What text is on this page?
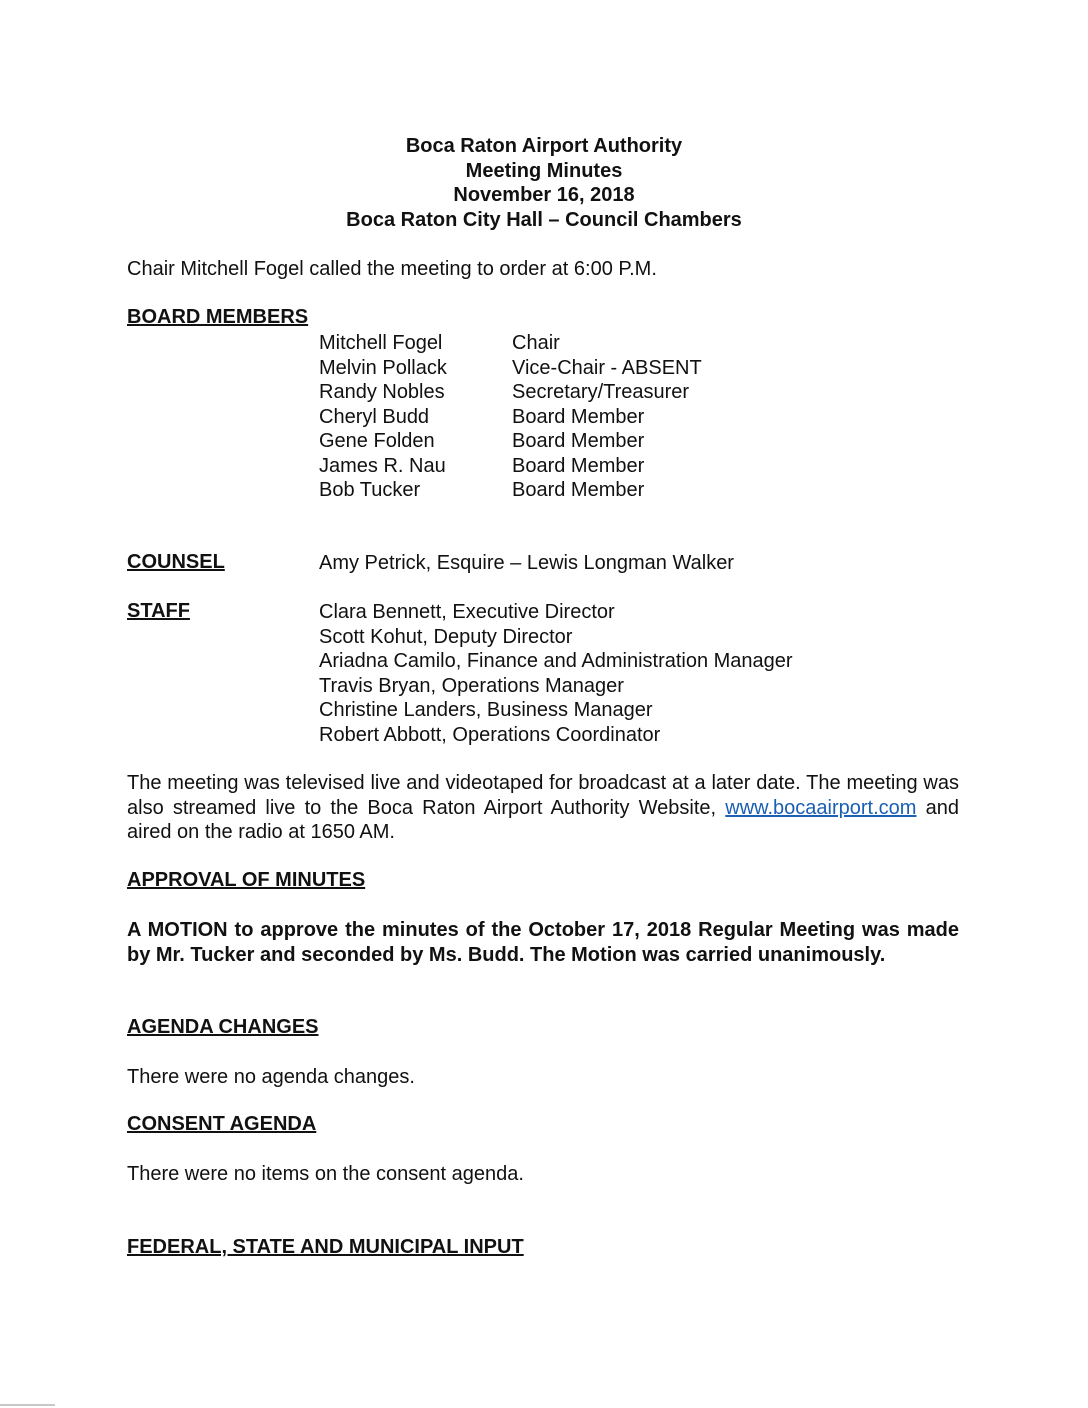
Boca Raton Airport Authority
Meeting Minutes
November 16, 2018
Boca Raton City Hall – Council Chambers
Chair Mitchell Fogel called the meeting to order at 6:00 P.M.
BOARD MEMBERS
Mitchell Fogel
Melvin Pollack
Randy Nobles
Cheryl Budd
Gene Folden
James R. Nau
Bob Tucker
Chair
Vice-Chair - ABSENT
Secretary/Treasurer
Board Member
Board Member
Board Member
Board Member
COUNSEL	Amy Petrick, Esquire – Lewis Longman Walker
STAFF	Clara Bennett, Executive Director
Scott Kohut, Deputy Director
Ariadna Camilo, Finance and Administration Manager
Travis Bryan, Operations Manager
Christine Landers, Business Manager
Robert Abbott, Operations Coordinator
The meeting was televised live and videotaped for broadcast at a later date. The meeting was also streamed live to the Boca Raton Airport Authority Website, www.bocaairport.com and aired on the radio at 1650 AM.
APPROVAL OF MINUTES
A MOTION to approve the minutes of the October 17, 2018 Regular Meeting was made by Mr. Tucker and seconded by Ms. Budd. The Motion was carried unanimously.
AGENDA CHANGES
There were no agenda changes.
CONSENT AGENDA
There were no items on the consent agenda.
FEDERAL, STATE AND MUNICIPAL INPUT
